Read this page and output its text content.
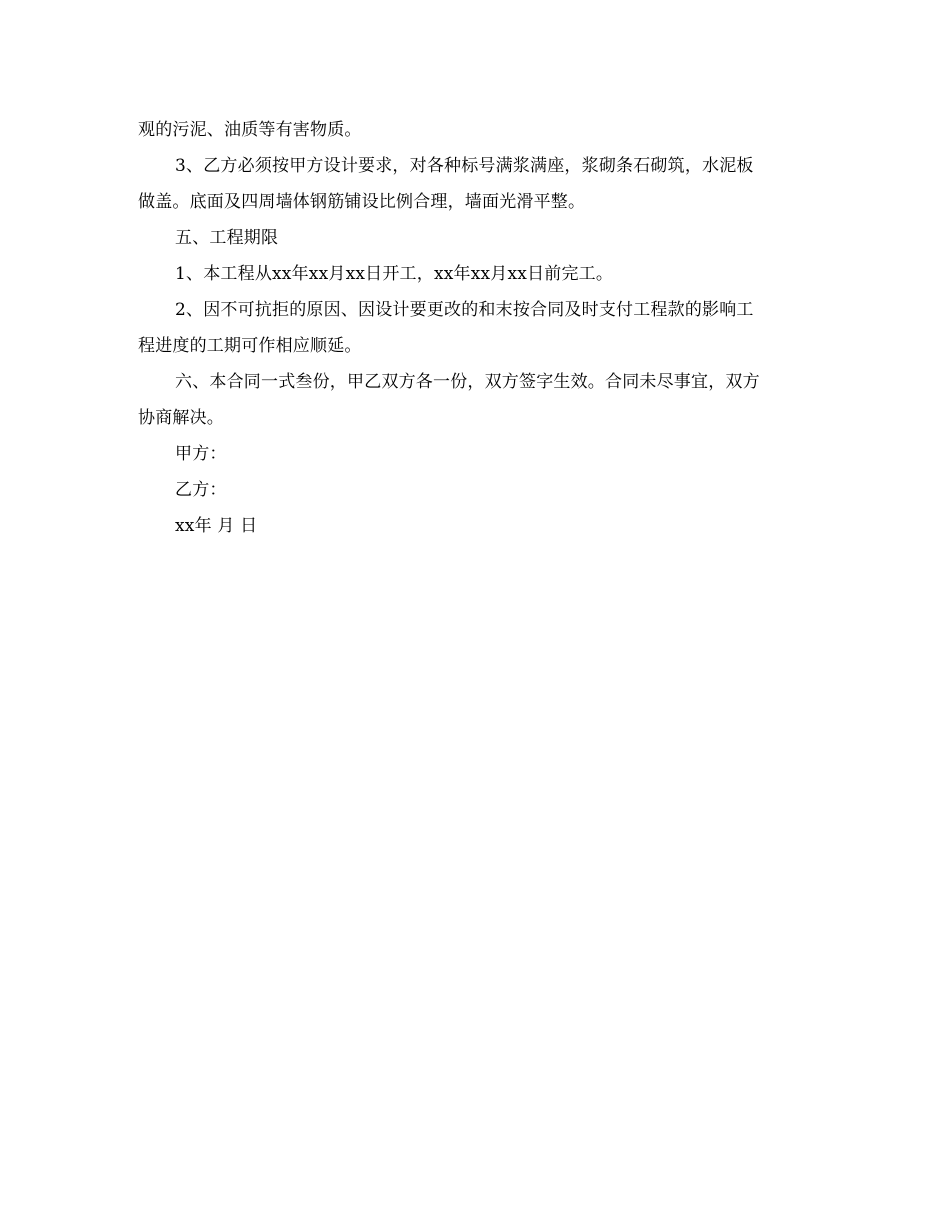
观的污泥、油质等有害物质。
3、乙方必须按甲方设计要求，对各种标号满浆满座，浆砌条石砌筑，水泥板
做盖。底面及四周墙体钢筋铺设比例合理，墙面光滑平整。
五、工程期限
1、本工程从xx年xx月xx日开工，xx年xx月xx日前完工。
2、因不可抗拒的原因、因设计要更改的和末按合同及时支付工程款的影响工
程进度的工期可作相应顺延。
六、本合同一式叁份，甲乙双方各一份，双方签字生效。合同未尽事宜，双方
协商解决。
甲方：
乙方：
xx年 月 日
